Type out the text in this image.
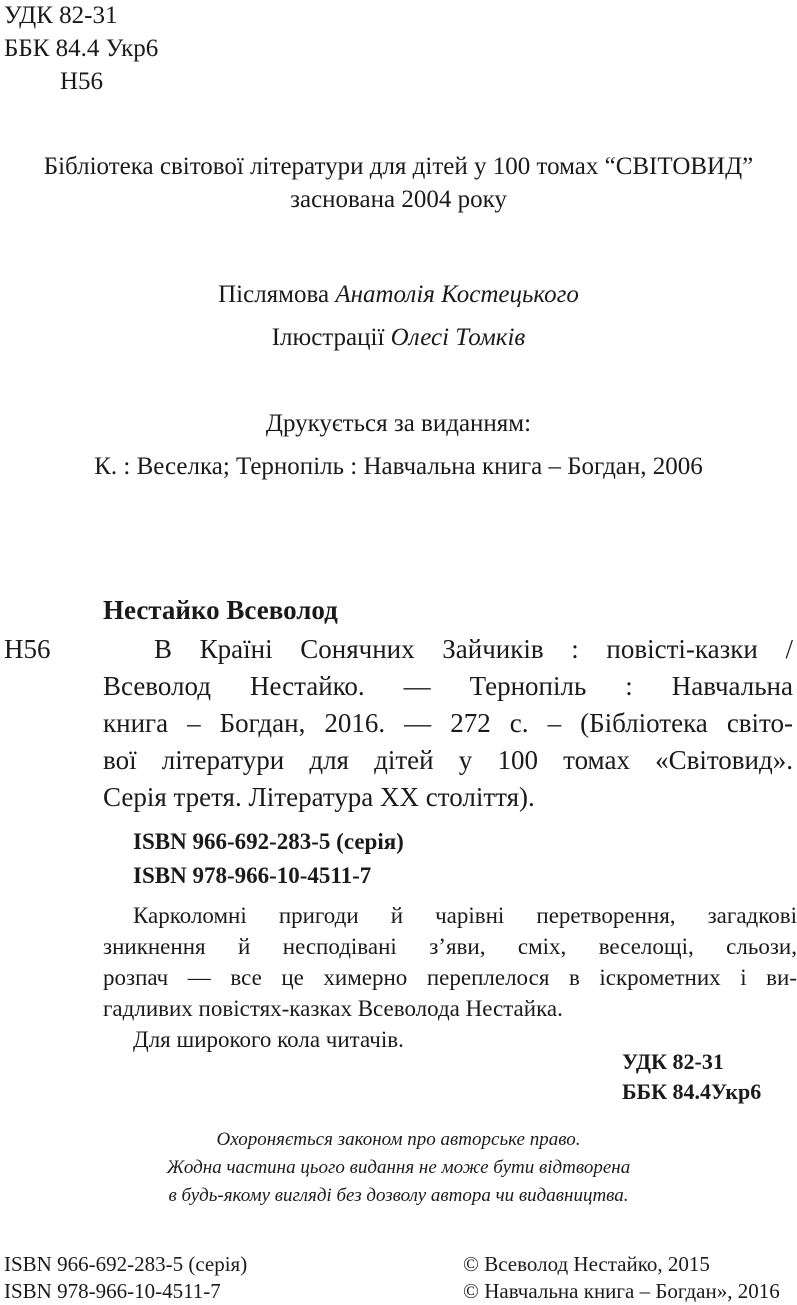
УДК 82-31
ББК 84.4 Укр6
Н56
Бібліотека світової літератури для дітей у 100 томах “СВІТОВИД”
заснована 2004 року
Післямова Анатолія Костецького
Ілюстрації Олесі Томків
Друкується за виданням:
К. : Веселка; Тернопіль : Навчальна книга – Богдан, 2006
Нестайко Всеволод
Н56	В Країні Сонячних Зайчиків : повісті-казки /
Всеволод Нестайко. — Тернопіль : Навчальна
книга – Богдан, 2016. — 272 с. – (Бібліотека світо-
вої літератури для дітей у 100 томах «Світовид».
Серія третя. Література XX століття).
ISBN 966-692-283-5 (серія)
ISBN 978-966-10-4511-7
Карколомні пригоди й чарівні перетворення, загадкові
зникнення й несподівані з’яви, сміх, веселощі, сльози,
розпач — все це химерно переплелося в іскрометних і ви-
гадливих повістях-казках Всеволода Нестайка.
Для широкого кола читачів.
УДК 82-31
ББК 84.4Укр6
Охороняється законом про авторське право.
Жодна частина цього видання не може бути відтворена
в будь-якому вигляді без дозволу автора чи видавництва.
ISBN 966-692-283-5 (серія)
ISBN 978-966-10-4511-7
© Всеволод Нестайко, 2015
© Навчальна книга – Богдан», 2016
